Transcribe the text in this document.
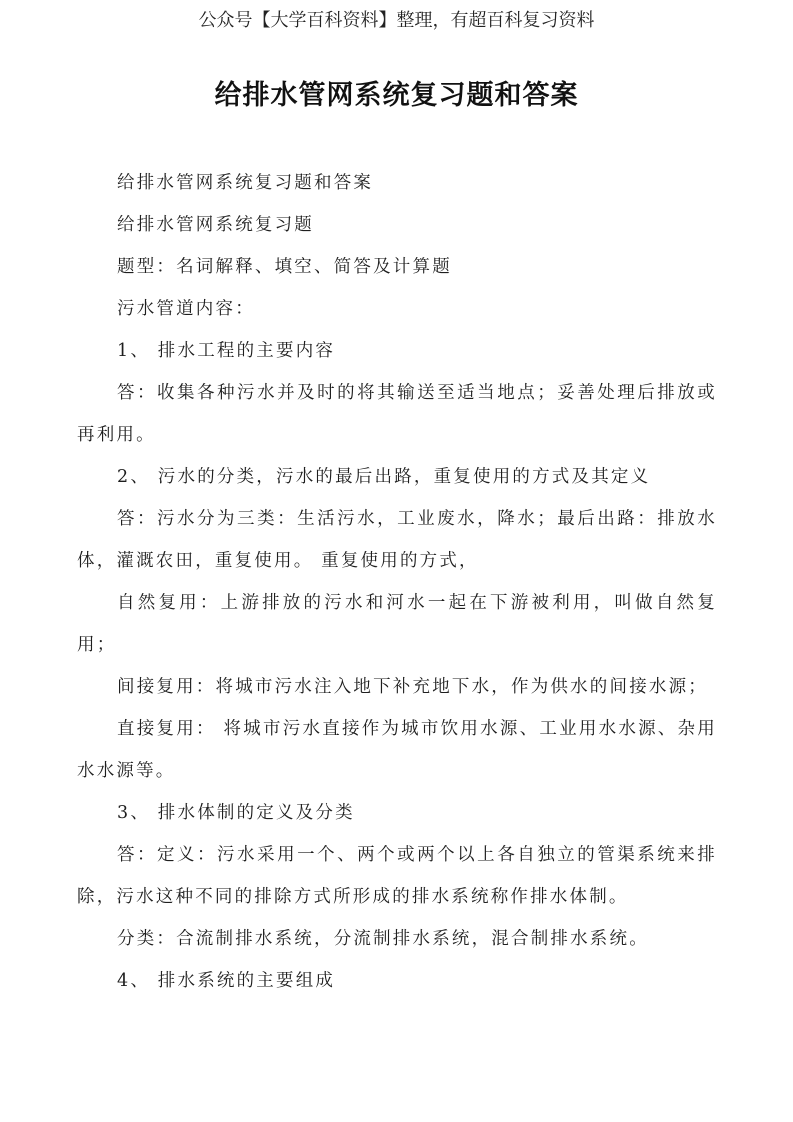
公众号【大学百科资料】整理，有超百科复习资料
给排水管网系统复习题和答案

给排水管网系统复习题和答案

给排水管网系统复习题

题型：名词解释、填空、简答及计算题

污水管道内容：

1、 排水工程的主要内容

答：收集各种污水并及时的将其输送至适当地点；妥善处理后排放或再利用。

2、 污水的分类，污水的最后出路，重复使用的方式及其定义

答：污水分为三类：生活污水，工业废水，降水；最后出路：排放水体，灌溉农田，重复使用。 重复使用的方式，

自然复用：上游排放的污水和河水一起在下游被利用，叫做自然复用；

间接复用：将城市污水注入地下补充地下水，作为供水的间接水源；

直接复用： 将城市污水直接作为城市饮用水源、工业用水水源、杂用水水源等。

3、 排水体制的定义及分类

答：定义：污水采用一个、两个或两个以上各自独立的管渠系统来排除，污水这种不同的排除方式所形成的排水系统称作排水体制。

分类：合流制排水系统，分流制排水系统，混合制排水系统。

4、 排水系统的主要组成
